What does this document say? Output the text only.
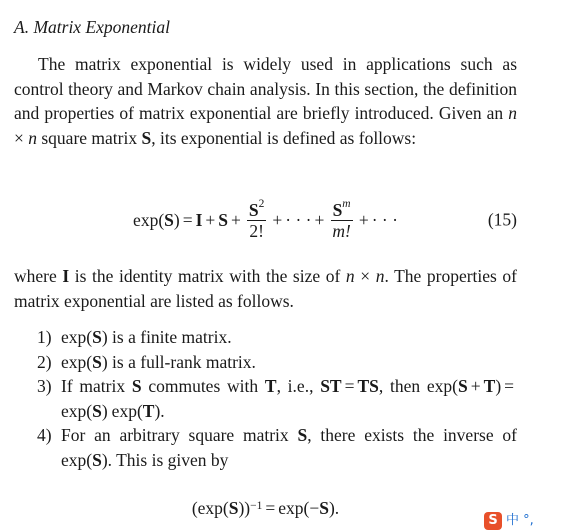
A. Matrix Exponential

The matrix exponential is widely used in applications such as control theory and Markov chain analysis. In this section, the definition and properties of matrix exponential are briefly introduced. Given an n × n square matrix S, its exponential is defined as follows:

exp( S ) = $I + S + \frac{S^2}{2!}$ + · · · + $\frac{S^m}{m!}$ + · · ·	(15)

where I is the identity matrix with the size of n × n. The properties of matrix exponential are listed as follows.

1) exp(S) is a finite matrix.
2) exp(S) is a full-rank matrix.
3) If matrix S commutes with T, i.e., ST = TS, then exp(S + T) =exp(S) exp(T).
4) For an arbitrary square matrix S, there exists the inverse of exp(S). This is given by
(exp( S ))$^{-1}$ = exp(− S ).
S 中 °,
